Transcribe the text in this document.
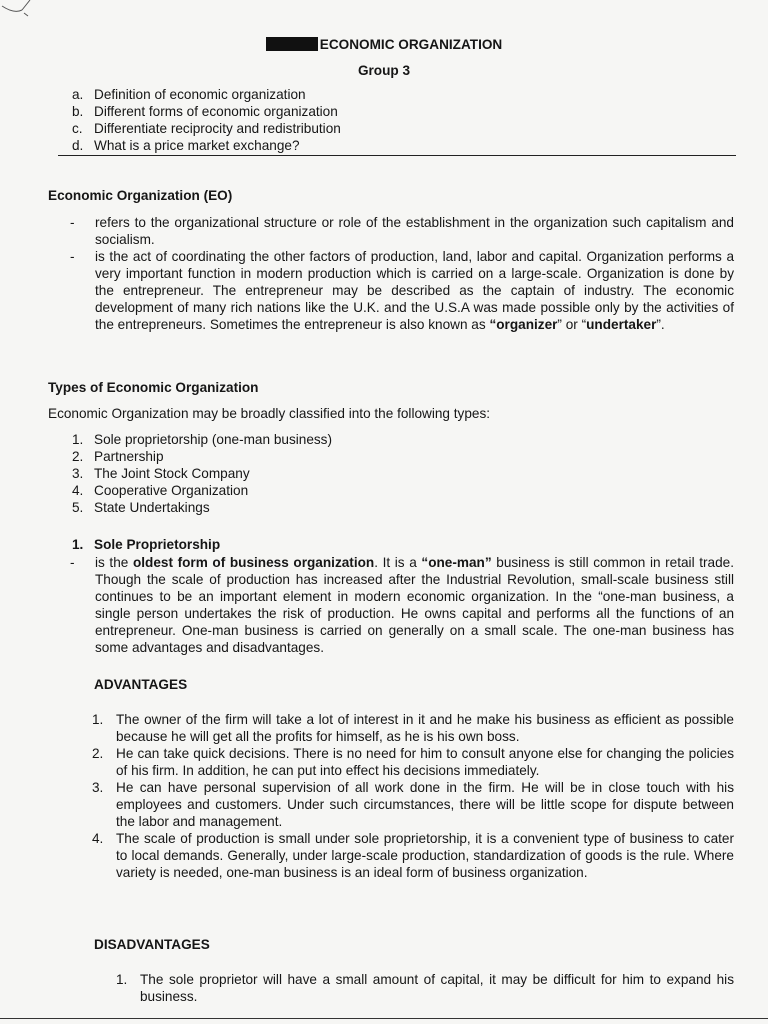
ECONOMIC ORGANIZATION
Group 3
a. Definition of economic organization
b. Different forms of economic organization
c. Differentiate reciprocity and redistribution
d. What is a price market exchange?
Economic Organization (EO)
-	refers to the organizational structure or role of the establishment in the organization such capitalism and socialism.
-	is the act of coordinating the other factors of production, land, labor and capital. Organization performs a very important function in modern production which is carried on a large-scale. Organization is done by the entrepreneur. The entrepreneur may be described as the captain of industry. The economic development of many rich nations like the U.K. and the U.S.A was made possible only by the activities of the entrepreneurs. Sometimes the entrepreneur is also known as “organizer” or “undertaker”.
Types of Economic Organization
Economic Organization may be broadly classified into the following types:
1. Sole proprietorship (one-man business)
2. Partnership
3. The Joint Stock Company
4. Cooperative Organization
5. State Undertakings
1. Sole Proprietorship
-	is the oldest form of business organization. It is a “one-man” business is still common in retail trade. Though the scale of production has increased after the Industrial Revolution, small-scale business still continues to be an important element in modern economic organization. In the “one-man business, a single person undertakes the risk of production. He owns capital and performs all the functions of an entrepreneur. One-man business is carried on generally on a small scale. The one-man business has some advantages and disadvantages.
ADVANTAGES
1. The owner of the firm will take a lot of interest in it and he make his business as efficient as possible because he will get all the profits for himself, as he is his own boss.
2. He can take quick decisions. There is no need for him to consult anyone else for changing the policies of his firm. In addition, he can put into effect his decisions immediately.
3. He can have personal supervision of all work done in the firm. He will be in close touch with his employees and customers. Under such circumstances, there will be little scope for dispute between the labor and management.
4. The scale of production is small under sole proprietorship, it is a convenient type of business to cater to local demands. Generally, under large-scale production, standardization of goods is the rule. Where variety is needed, one-man business is an ideal form of business organization.
DISADVANTAGES
1. The sole proprietor will have a small amount of capital, it may be difficult for him to expand his business.
